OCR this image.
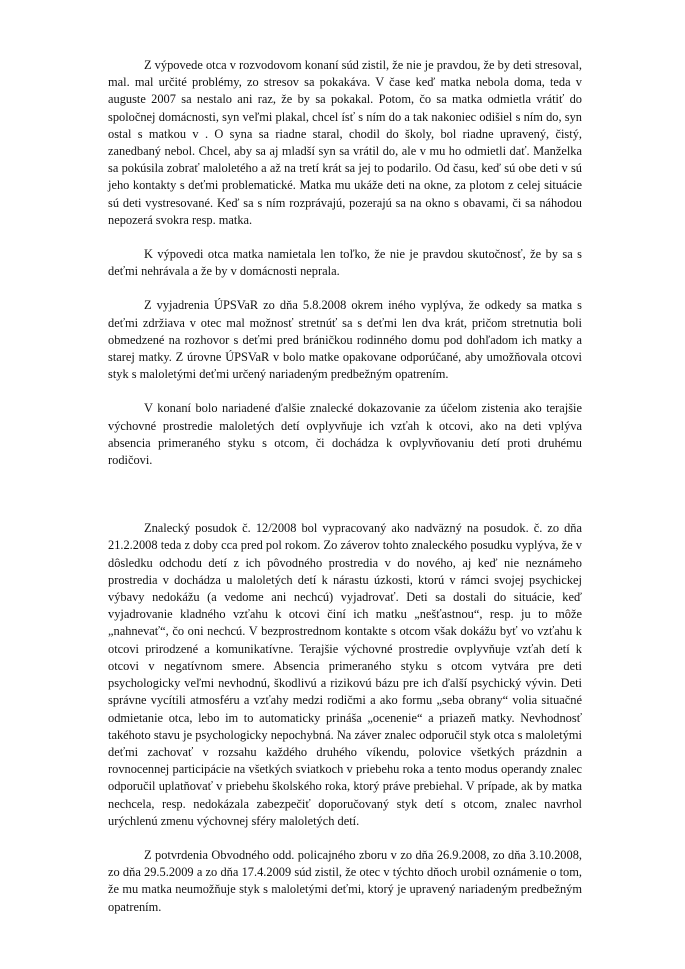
Z výpovede otca v rozvodovom konaní súd zistil, že nie je pravdou, že by deti stresoval, mal. mal určité problémy, zo stresov sa pokakáva. V čase keď matka nebola doma, teda v auguste 2007 sa nestalo ani raz, že by sa pokakal. Potom, čo sa matka odmietla vrátiť do spoločnej domácnosti, syn veľmi plakal, chcel ísť s ním do a tak nakoniec odišiel s ním do, syn ostal s matkou v . O syna sa riadne staral, chodil do školy, bol riadne upravený, čistý, zanedbaný nebol. Chcel, aby sa aj mladší syn sa vrátil do, ale v mu ho odmietli dať. Manželka sa pokúsila zobrať maloletého a až na tretí krát sa jej to podarilo. Od času, keď sú obe deti v sú jeho kontakty s deťmi problematické. Matka mu ukáže deti na okne, za plotom z celej situácie sú deti vystresované. Keď sa s ním rozprávajú, pozerajú sa na okno s obavami, či sa náhodou nepozerá svokra resp. matka.

K výpovedi otca matka namietala len toľko, že nie je pravdou skutočnosť, že by sa s deťmi nehrávala a že by v domácnosti neprala.

Z vyjadrenia ÚPSVaR zo dňa 5.8.2008 okrem iného vyplýva, že odkedy sa matka s deťmi zdržiava v otec mal možnosť stretnúť sa s deťmi len dva krát, pričom stretnutia boli obmedzené na rozhovor s deťmi pred bráničkou rodinného domu pod dohľadom ich matky a starej matky. Z úrovne ÚPSVaR v bolo matke opakovane odporúčané, aby umožňovala otcovi styk s maloletými deťmi určený nariadeným predbežným opatrením.

V konaní bolo nariadené ďalšie znalecké dokazovanie za účelom zistenia ako terajšie výchovné prostredie maloletých detí ovplyvňuje ich vzťah k otcovi, ako na deti vplýva absencia primeraného styku s otcom, či dochádza k ovplyvňovaniu detí proti druhému rodičovi.

Znalecký posudok č. 12/2008 bol vypracovaný ako nadväzný na posudok. č. zo dňa 21.2.2008 teda z doby cca pred pol rokom. Zo záverov tohto znaleckého posudku vyplýva, že v dôsledku odchodu detí z ich pôvodného prostredia v do nového, aj keď nie neznámeho prostredia v dochádza u maloletých detí k nárastu úzkosti, ktorú v rámci svojej psychickej výbavy nedokážu (a vedome ani nechcú) vyjadrovať. Deti sa dostali do situácie, keď vyjadrovanie kladného vzťahu k otcovi činí ich matku „nešťastnou“, resp. ju to môže „nahnevať“, čo oni nechcú. V bezprostrednom kontakte s otcom však dokážu byť vo vzťahu k otcovi prirodzené a komunikatívne. Terajšie výchovné prostredie ovplyvňuje vzťah detí k otcovi v negatívnom smere. Absencia primeraného styku s otcom vytvára pre deti psychologicky veľmi nevhodnú, škodlivú a rizikovú bázu pre ich ďalší psychický vývin. Deti správne vycítili atmosféru a vzťahy medzi rodičmi a ako formu „seba obrany“ volia situačné odmietanie otca, lebo im to automaticky prináša „ocenenie“ a priazeň matky. Nevhodnosť takéhoto stavu je psychologicky nepochybná. Na záver znalec odporučil styk otca s maloletými deťmi zachovať v rozsahu každého druhého víkendu, polovice všetkých prázdnin a rovnocennej participácie na všetkých sviatkoch v priebehu roka a tento modus operandy znalec odporučil uplatňovať v priebehu školského roka, ktorý práve prebiehal. V prípade, ak by matka nechcela, resp. nedokázala zabezpečiť doporučovaný styk detí s otcom, znalec navrhol urýchlenú zmenu výchovnej sféry maloletých detí.

Z potvrdenia Obvodného odd. policajného zboru v zo dňa 26.9.2008, zo dňa 3.10.2008, zo dňa 29.5.2009 a zo dňa 17.4.2009 súd zistil, že otec v týchto dňoch urobil oznámenie o tom, že mu matka neumožňuje styk s maloletými deťmi, ktorý je upravený nariadeným predbežným opatrením.
